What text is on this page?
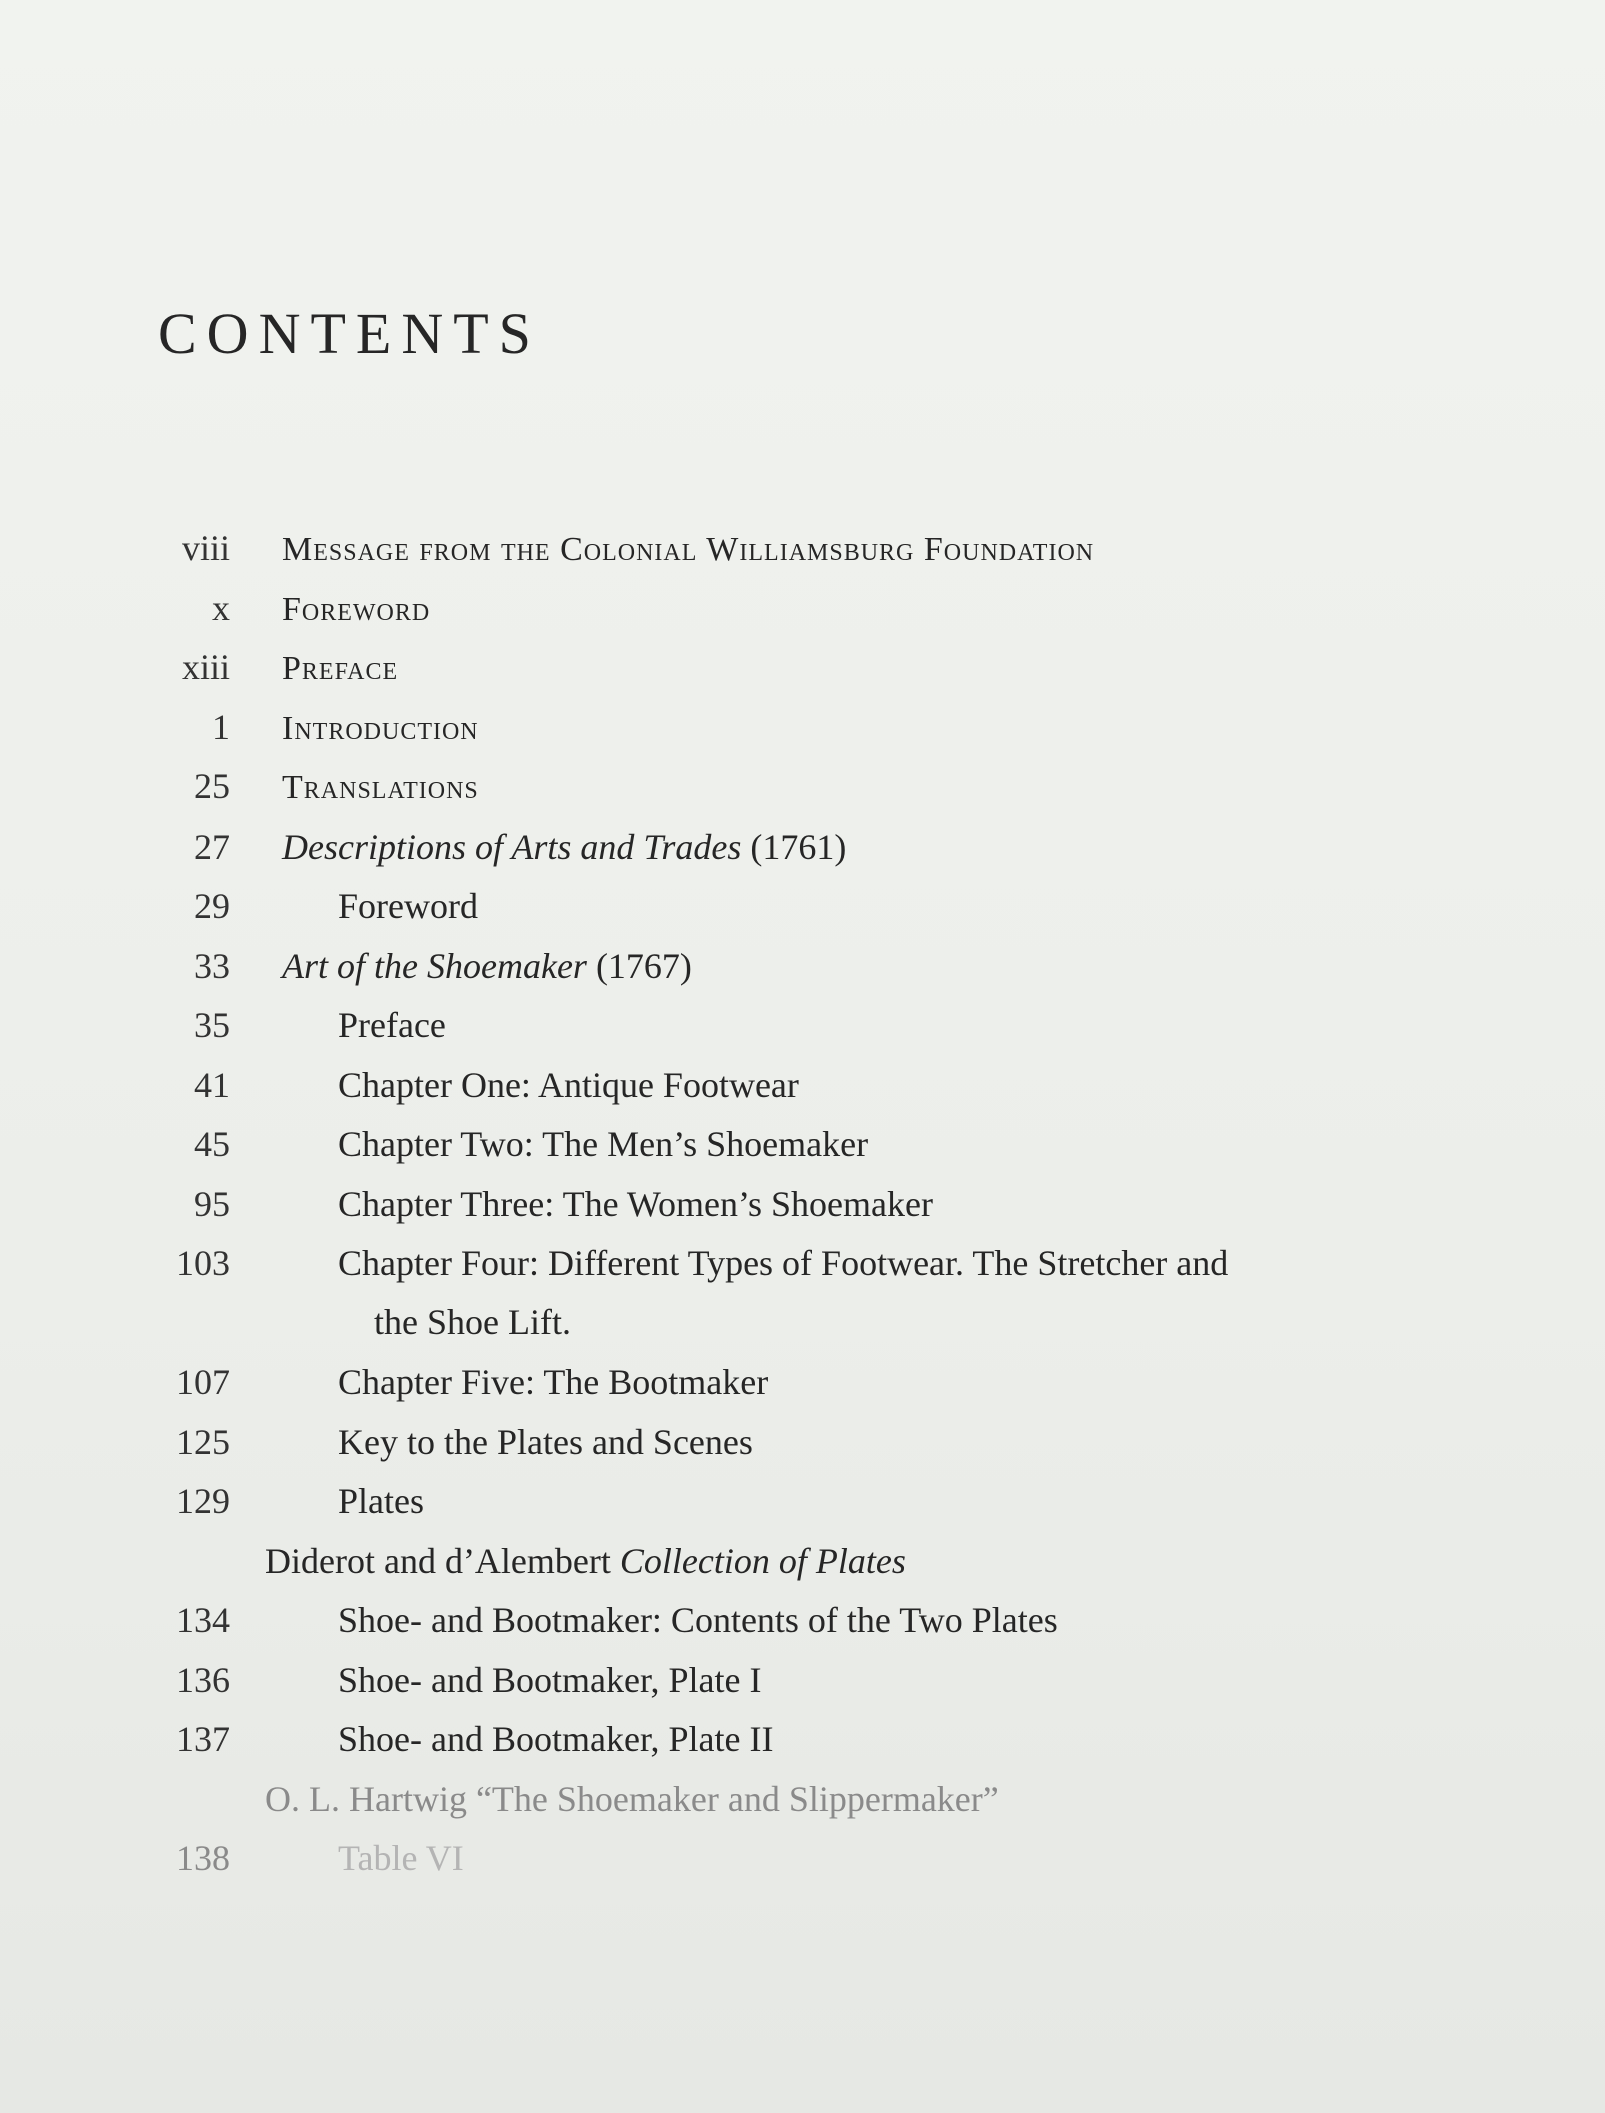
CONTENTS
viii Message from the Colonial Williamsburg Foundation
x Foreword
xiii Preface
1 Introduction
25 Translations
27 Descriptions of Arts and Trades (1761)
29	Foreword
33 Art of the Shoemaker (1767)
35	Preface
41	Chapter One: Antique Footwear
45	Chapter Two: The Men’s Shoemaker
95	Chapter Three: The Women’s Shoemaker
103	Chapter Four: Different Types of Footwear. The Stretcher and
the Shoe Lift.
107	Chapter Five: The Bootmaker
125	Key to the Plates and Scenes
129	Plates
Diderot and d’Alembert Collection of Plates
134	Shoe- and Bootmaker: Contents of the Two Plates
136	Shoe- and Bootmaker, Plate I
137	Shoe- and Bootmaker, Plate II
O. L. Hartwig “The Shoemaker and Slippermaker”
138	Table VI
